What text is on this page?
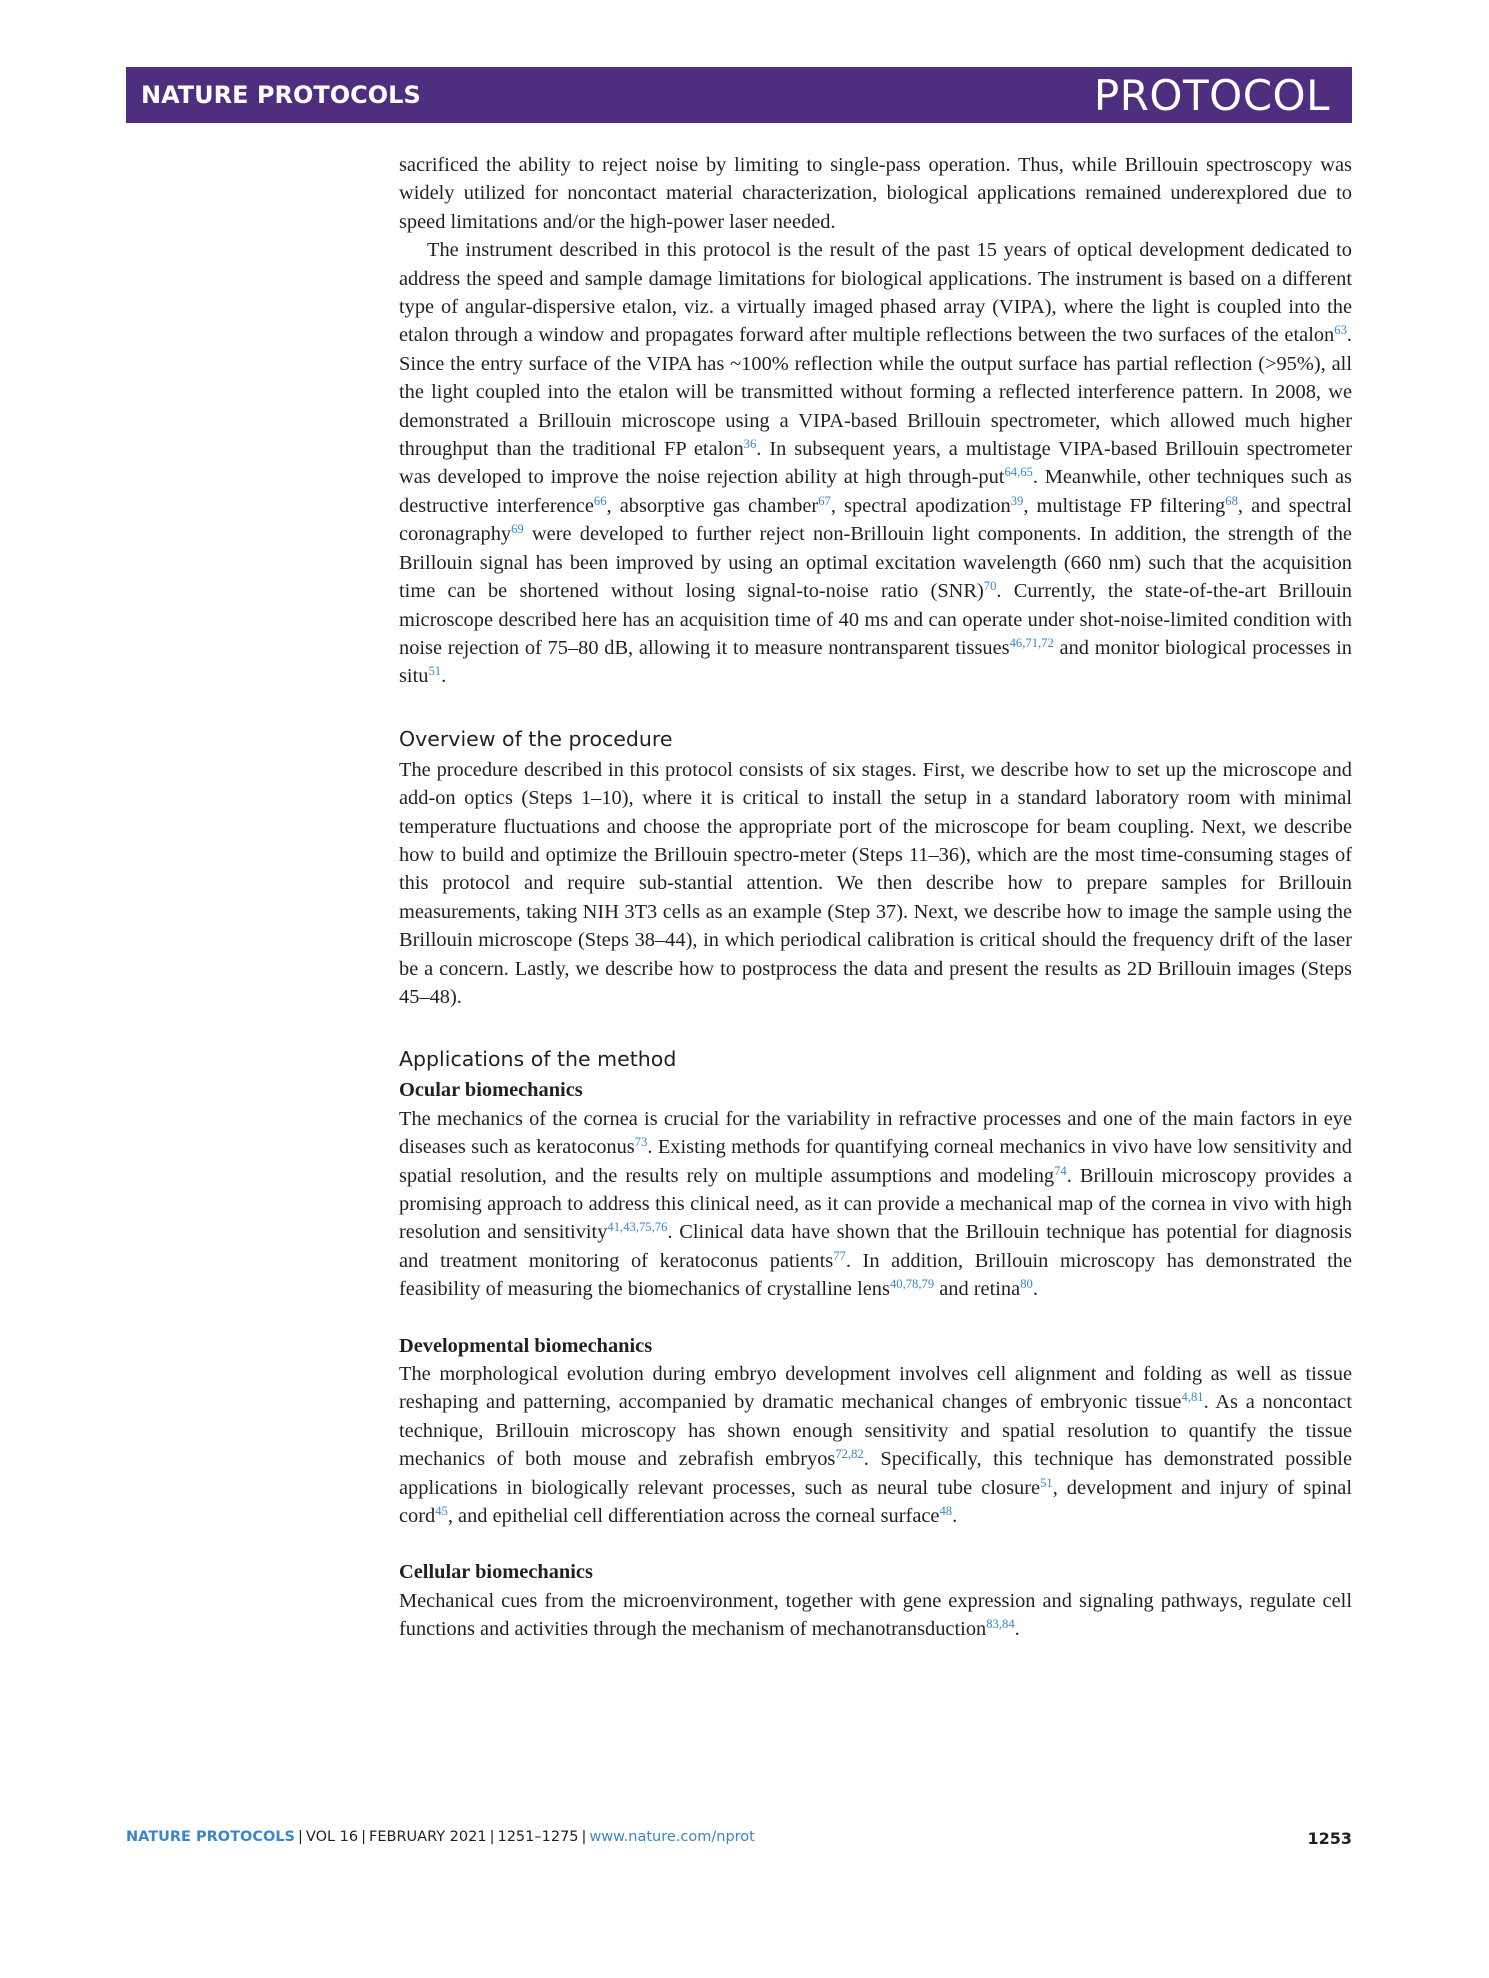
NATURE PROTOCOLS	PROTOCOL

sacrificed the ability to reject noise by limiting to single-pass operation. Thus, while Brillouin spectroscopy was widely utilized for noncontact material characterization, biological applications remained underexplored due to speed limitations and/or the high-power laser needed.

The instrument described in this protocol is the result of the past 15 years of optical development dedicated to address the speed and sample damage limitations for biological applications. The instrument is based on a different type of angular-dispersive etalon, viz. a virtually imaged phased array (VIPA), where the light is coupled into the etalon through a window and propagates forward after multiple reflections between the two surfaces of the etalon$^{63}$. Since the entry surface of the VIPA has ~100% reflection while the output surface has partial reflection (>95%), all the light coupled into the etalon will be transmitted without forming a reflected interference pattern. In 2008, we demonstrated a Brillouin microscope using a VIPA-based Brillouin spectrometer, which allowed much higher throughput than the traditional FP etalon$^{36}$. In subsequent years, a multistage VIPA-based Brillouin spectrometer was developed to improve the noise rejection ability at high through-put$^{64,65}$. Meanwhile, other techniques such as destructive interference$^{66}$, absorptive gas chamber$^{67}$, spectral apodization$^{39}$, multistage FP filtering$^{68}$, and spectral coronagraphy$^{69}$ were developed to further reject non-Brillouin light components. In addition, the strength of the Brillouin signal has been improved by using an optimal excitation wavelength (660 nm) such that the acquisition time can be shortened without losing signal-to-noise ratio (SNR)$^{70}$. Currently, the state-of-the-art Brillouin microscope described here has an acquisition time of 40 ms and can operate under shot-noise-limited condition with noise rejection of 75–80 dB, allowing it to measure nontransparent tissues$^{46,71,72}$ and monitor biological processes in situ$^{51}$.

Overview of the procedure

The procedure described in this protocol consists of six stages. First, we describe how to set up the microscope and add-on optics (Steps 1–10), where it is critical to install the setup in a standard laboratory room with minimal temperature fluctuations and choose the appropriate port of the microscope for beam coupling. Next, we describe how to build and optimize the Brillouin spectro-meter (Steps 11–36), which are the most time-consuming stages of this protocol and require sub-stantial attention. We then describe how to prepare samples for Brillouin measurements, taking NIH 3T3 cells as an example (Step 37). Next, we describe how to image the sample using the Brillouin microscope (Steps 38–44), in which periodical calibration is critical should the frequency drift of the laser be a concern. Lastly, we describe how to postprocess the data and present the results as 2D Brillouin images (Steps 45–48).

Applications of the method
Ocular biomechanics

The mechanics of the cornea is crucial for the variability in refractive processes and one of the main factors in eye diseases such as keratoconus$^{73}$. Existing methods for quantifying corneal mechanics in vivo have low sensitivity and spatial resolution, and the results rely on multiple assumptions and modeling$^{74}$. Brillouin microscopy provides a promising approach to address this clinical need, as it can provide a mechanical map of the cornea in vivo with high resolution and sensitivity$^{41,43,75,76}$. Clinical data have shown that the Brillouin technique has potential for diagnosis and treatment monitoring of keratoconus patients$^{77}$. In addition, Brillouin microscopy has demonstrated the feasibility of measuring the biomechanics of crystalline lens$^{40,78,79}$ and retina$^{80}$.

Developmental biomechanics

The morphological evolution during embryo development involves cell alignment and folding as well as tissue reshaping and patterning, accompanied by dramatic mechanical changes of embryonic tissue$^{4,81}$. As a noncontact technique, Brillouin microscopy has shown enough sensitivity and spatial resolution to quantify the tissue mechanics of both mouse and zebrafish embryos$^{72,82}$. Specifically, this technique has demonstrated possible applications in biologically relevant processes, such as neural tube closure$^{51}$, development and injury of spinal cord$^{45}$, and epithelial cell differentiation across the corneal surface$^{48}$.

Cellular biomechanics

Mechanical cues from the microenvironment, together with gene expression and signaling pathways, regulate cell functions and activities through the mechanism of mechanotransduction$^{83,84}$.

NATURE PROTOCOLS | VOL 16 | FEBRUARY 2021 | 1251–1275 | www.nature.com/nprot	1253
